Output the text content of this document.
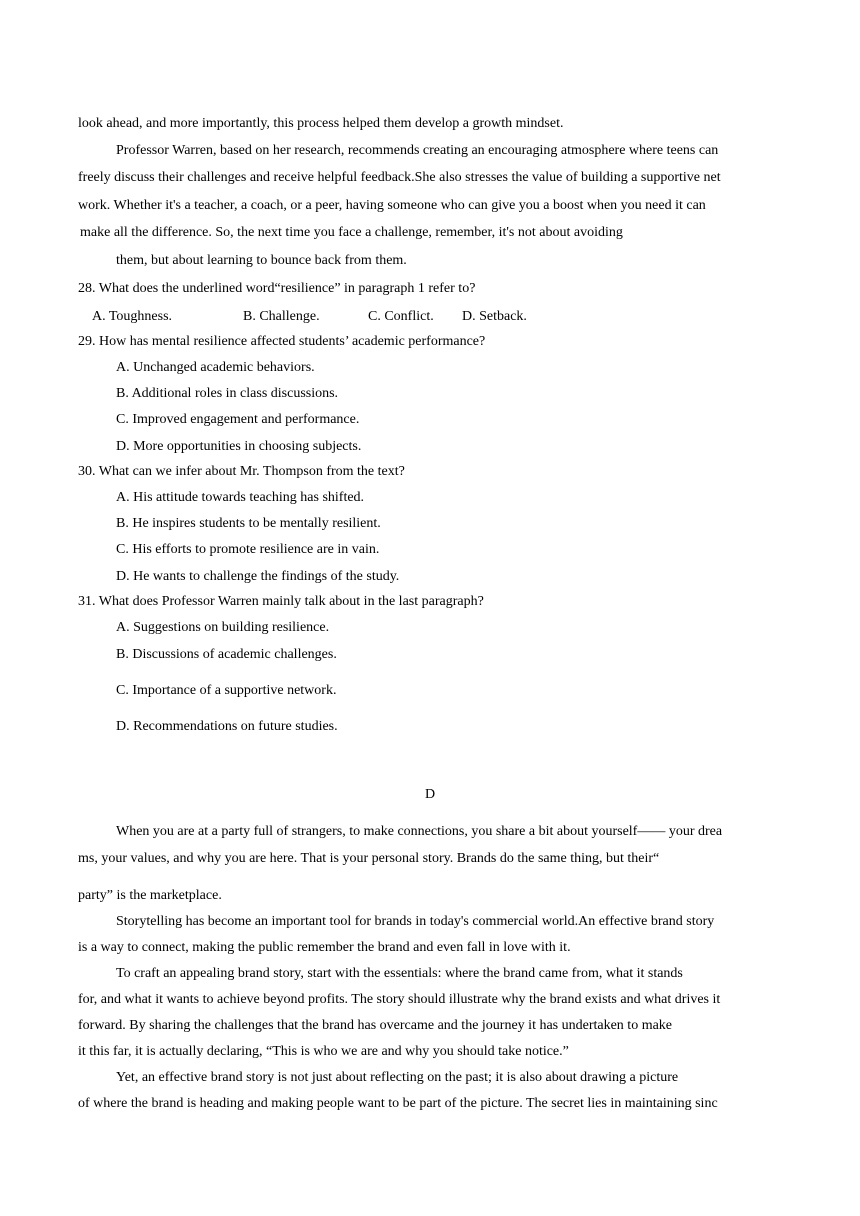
look ahead, and more importantly, this process helped them develop a growth mindset.
Professor Warren, based on her research, recommends creating an encouraging atmosphere where teens can
freely discuss their challenges and receive helpful feedback.She also stresses the value of building a supportive net
work. Whether it's a teacher, a coach, or a peer, having someone who can give you a boost when you need it can
make all the difference. So, the next time you face a challenge, remember, it's not about avoiding
them, but about learning to bounce back from them.
28. What does the underlined word“resilience” in paragraph 1 refer to?
A. Toughness.	B. Challenge.	C. Conflict. D. Setback.
29. How has mental resilience affected students’ academic performance?
A. Unchanged academic behaviors.
B. Additional roles in class discussions.
C. Improved engagement and performance.
D. More opportunities in choosing subjects.
30. What can we infer about Mr. Thompson from the text?
A. His attitude towards teaching has shifted.
B. He inspires students to be mentally resilient.
C. His efforts to promote resilience are in vain.
D. He wants to challenge the findings of the study.
31. What does Professor Warren mainly talk about in the last paragraph?
A. Suggestions on building resilience.
B. Discussions of academic challenges.
C. Importance of a supportive network.
D. Recommendations on future studies.
D
When you are at a party full of strangers, to make connections, you share a bit about yourself—— your drea
ms, your values, and why you are here. That is your personal story. Brands do the same thing, but their“
party” is the marketplace.
Storytelling has become an important tool for brands in today's commercial world.An effective brand story
is a way to connect, making the public remember the brand and even fall in love with it.
To craft an appealing brand story, start with the essentials: where the brand came from, what it stands
for, and what it wants to achieve beyond profits. The story should illustrate why the brand exists and what drives it
forward. By sharing the challenges that the brand has overcame and the journey it has undertaken to make
it this far, it is actually declaring, “This is who we are and why you should take notice.”
Yet, an effective brand story is not just about reflecting on the past; it is also about drawing a picture
of where the brand is heading and making people want to be part of the picture. The secret lies in maintaining sinc
